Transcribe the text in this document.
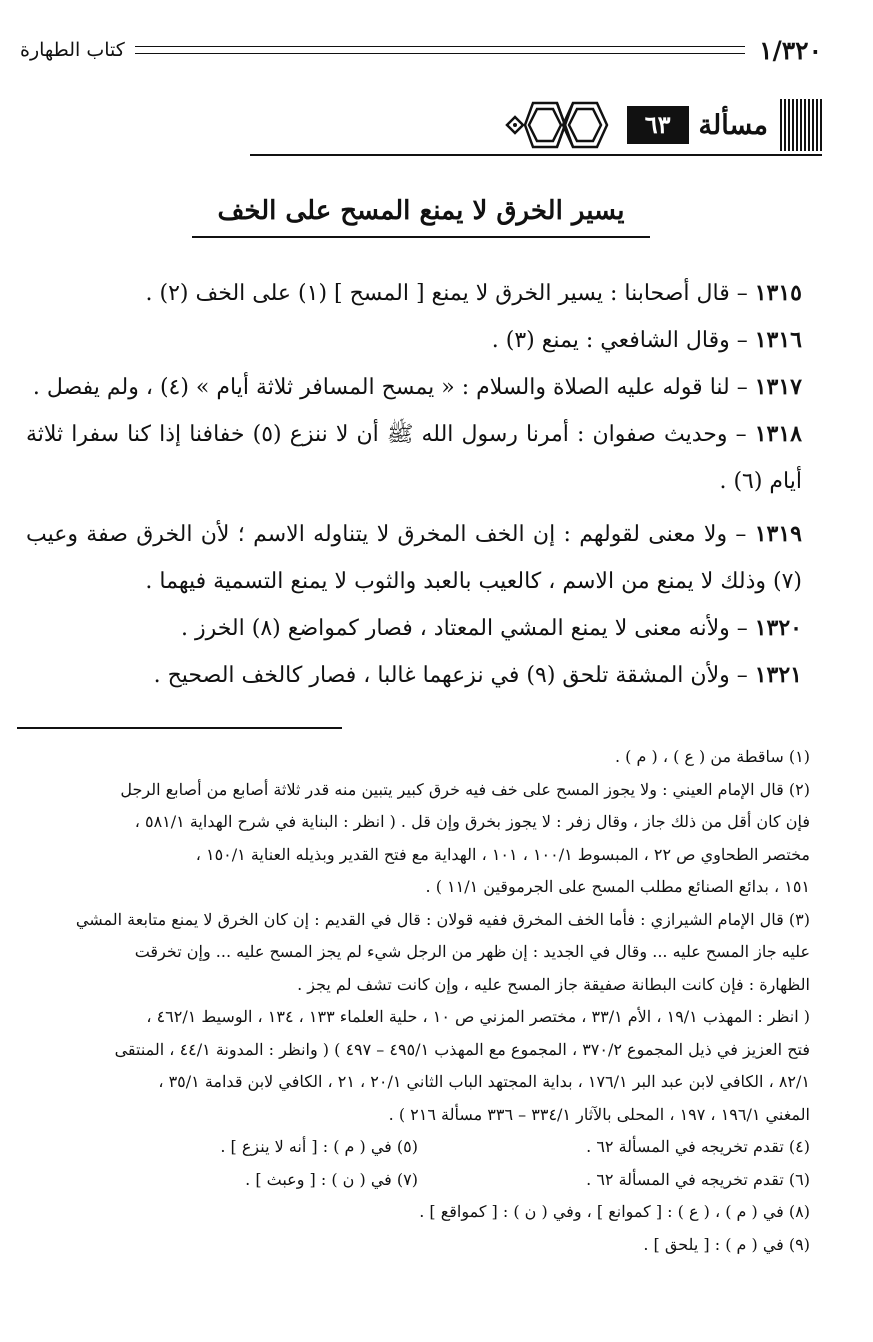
١/٣٢٠
كتاب الطهارة
مسألة
٦٣
يسير الخرق لا يمنع المسح على الخف
١٣١٥ – قال أصحابنا : يسير الخرق لا يمنع [ المسح ] (١) على الخف (٢) .
١٣١٦ – وقال الشافعي : يمنع (٣) .
١٣١٧ – لنا قوله عليه الصلاة والسلام : « يمسح المسافر ثلاثة أيام » (٤) ، ولم يفصل .
١٣١٨ – وحديث صفوان : أمرنا رسول الله ﷺ أن لا ننزع (٥) خفافنا إذا كنا سفرا ثلاثة أيام (٦) .
١٣١٩ – ولا معنى لقولهم : إن الخف المخرق لا يتناوله الاسم ؛ لأن الخرق صفة وعيب (٧) وذلك لا يمنع من الاسم ، كالعيب بالعبد والثوب لا يمنع التسمية فيهما .
١٣٢٠ – ولأنه معنى لا يمنع المشي المعتاد ، فصار كمواضع (٨) الخرز .
١٣٢١ – ولأن المشقة تلحق (٩) في نزعهما غالبا ، فصار كالخف الصحيح .
(١) ساقطة من ( ع ) ، ( م ) .
(٢) قال الإمام العيني : ولا يجوز المسح على خف فيه خرق كبير يتبين منه قدر ثلاثة أصابع من أصابع الرجل
فإن كان أقل من ذلك جاز ، وقال زفر : لا يجوز بخرق وإن قل . ( انظر : البناية في شرح الهداية ٥٨١/١ ،
مختصر الطحاوي ص ٢٢ ، المبسوط ١٠٠/١ ، ١٠١ ، الهداية مع فتح القدير وبذيله العناية ١٥٠/١ ،
١٥١ ، بدائع الصنائع مطلب المسح على الجرموقين ١١/١ ) .
(٣) قال الإمام الشيرازي : فأما الخف المخرق ففيه قولان : قال في القديم : إن كان الخرق لا يمنع متابعة المشي
عليه جاز المسح عليه ... وقال في الجديد : إن ظهر من الرجل شيء لم يجز المسح عليه ... وإن تخرقت
الظهارة : فإن كانت البطانة صفيقة جاز المسح عليه ، وإن كانت تشف لم يجز .
( انظر : المهذب ١٩/١ ، الأم ٣٣/١ ، مختصر المزني ص ١٠ ، حلية العلماء ١٣٣ ، ١٣٤ ، الوسيط ٤٦٢/١ ،
فتح العزيز في ذيل المجموع ٣٧٠/٢ ، المجموع مع المهذب ٤٩٥/١ – ٤٩٧ ) ( وانظر : المدونة ٤٤/١ ، المنتقى
٨٢/١ ، الكافي لابن عبد البر ١٧٦/١ ، بداية المجتهد الباب الثاني ٢٠/١ ، ٢١ ، الكافي لابن قدامة ٣٥/١ ،
المغني ١٩٦/١ ، ١٩٧ ، المحلى بالآثار ٣٣٤/١ – ٣٣٦ مسألة ٢١٦ ) .
(٤) تقدم تخريجه في المسألة ٦٢ .
(٥) في ( م ) : [ أنه لا ينزع ] .
(٦) تقدم تخريجه في المسألة ٦٢ .
(٧) في ( ن ) : [ وعبث ] .
(٨) في ( م ) ، ( ع ) : [ كموانع ] ، وفي ( ن ) : [ كمواقع ] .
(٩) في ( م ) : [ يلحق ] .
